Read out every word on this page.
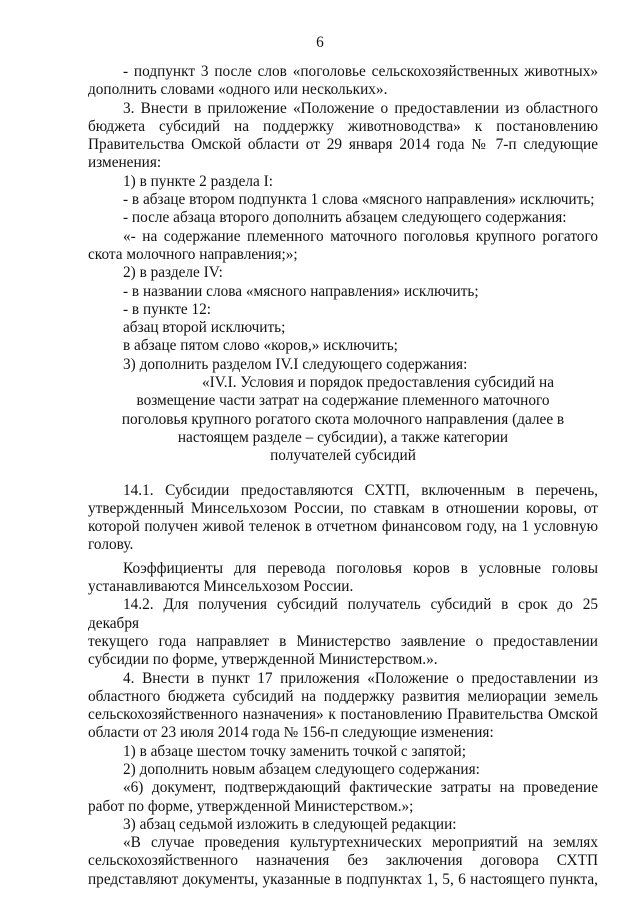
6

- подпункт 3 после слов «поголовье сельскохозяйственных животных»

дополнить словами «одного или нескольких».

3. Внести в приложение «Положение о предоставлении из областного

бюджета субсидий на поддержку животноводства» к постановлению

Правительства Омской области от 29 января 2014 года № 7-п следующие

изменения:

1) в пункте 2 раздела I:

- в абзаце втором подпункта 1 слова «мясного направления» исключить;

- после абзаца второго дополнить абзацем следующего содержания:

«- на содержание племенного маточного поголовья крупного рогатого

скота молочного направления;»;

2) в разделе IV:

- в названии слова «мясного направления» исключить;

- в пункте 12:

абзац второй исключить;

в абзаце пятом слово «коров,» исключить;

3) дополнить разделом IV.I следующего содержания:

«IV.I. Условия и порядок предоставления субсидий на

возмещение части затрат на содержание племенного маточного

поголовья крупного рогатого скота молочного направления (далее в

настоящем разделе – субсидии), а также категории

получателей субсидий

14.1. Субсидии предоставляются СХТП, включенным в перечень,

утвержденный Минсельхозом России, по ставкам в отношении коровы, от

которой получен живой теленок в отчетном финансовом году, на 1 условную

голову.

Коэффициенты для перевода поголовья коров в условные головы

устанавливаются Минсельхозом России.

14.2. Для получения субсидий получатель субсидий в срок до 25 декабря

текущего года направляет в Министерство заявление о предоставлении

субсидии по форме, утвержденной Министерством.».

4. Внести в пункт 17 приложения «Положение о предоставлении из

областного бюджета субсидий на поддержку развития мелиорации земель

сельскохозяйственного назначения» к постановлению Правительства Омской

области от 23 июля 2014 года № 156-п следующие изменения:

1) в абзаце шестом точку заменить точкой с запятой;

2) дополнить новым абзацем следующего содержания:

«6) документ, подтверждающий фактические затраты на проведение

работ по форме, утвержденной Министерством.»;

3) абзац седьмой изложить в следующей редакции:

«В случае проведения культуртехнических мероприятий на землях

сельскохозяйственного назначения без заключения договора СХТП

представляют документы, указанные в подпунктах 1, 5, 6 настоящего пункта,
